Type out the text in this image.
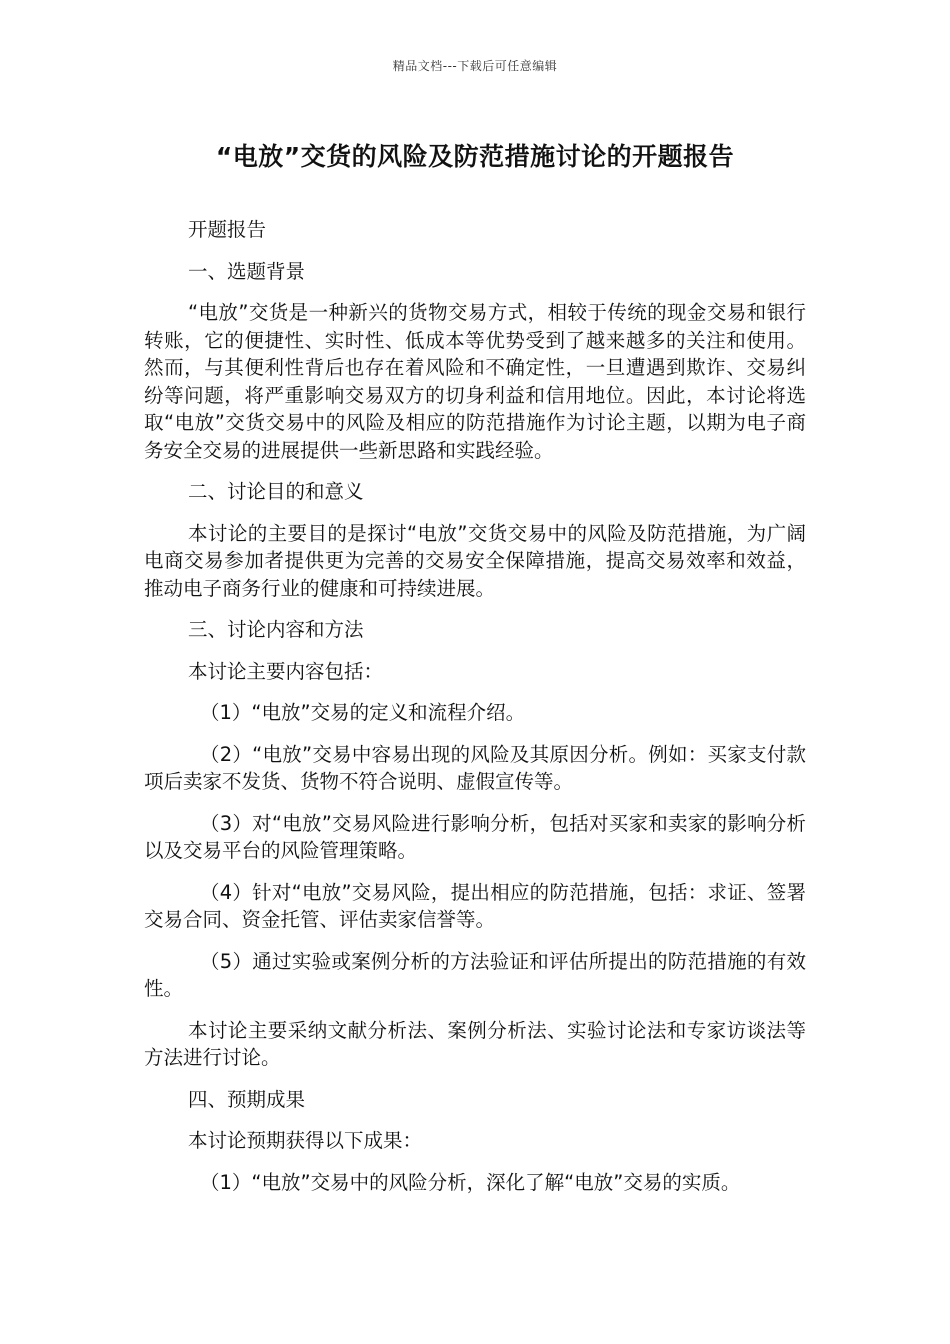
精品文档---下载后可任意编辑
“电放”交货的风险及防范措施讨论的开题报告

开题报告

一、选题背景

“电放”交货是一种新兴的货物交易方式，相较于传统的现金交易和银行转账，它的便捷性、实时性、低成本等优势受到了越来越多的关注和使用。然而，与其便利性背后也存在着风险和不确定性，一旦遭遇到欺诈、交易纠纷等问题，将严重影响交易双方的切身利益和信用地位。因此，本讨论将选取“电放”交货交易中的风险及相应的防范措施作为讨论主题，以期为电子商务安全交易的进展提供一些新思路和实践经验。

二、讨论目的和意义

本讨论的主要目的是探讨“电放”交货交易中的风险及防范措施，为广阔电商交易参加者提供更为完善的交易安全保障措施，提高交易效率和效益，推动电子商务行业的健康和可持续进展。

三、讨论内容和方法

本讨论主要内容包括：

（1）“电放”交易的定义和流程介绍。

（2）“电放”交易中容易出现的风险及其原因分析。例如：买家支付款项后卖家不发货、货物不符合说明、虚假宣传等。

（3）对“电放”交易风险进行影响分析，包括对买家和卖家的影响分析以及交易平台的风险管理策略。

（4）针对“电放”交易风险，提出相应的防范措施，包括：求证、签署交易合同、资金托管、评估卖家信誉等。

（5）通过实验或案例分析的方法验证和评估所提出的防范措施的有效性。

本讨论主要采纳文献分析法、案例分析法、实验讨论法和专家访谈法等方法进行讨论。

四、预期成果

本讨论预期获得以下成果：

（1）“电放”交易中的风险分析，深化了解“电放”交易的实质。
